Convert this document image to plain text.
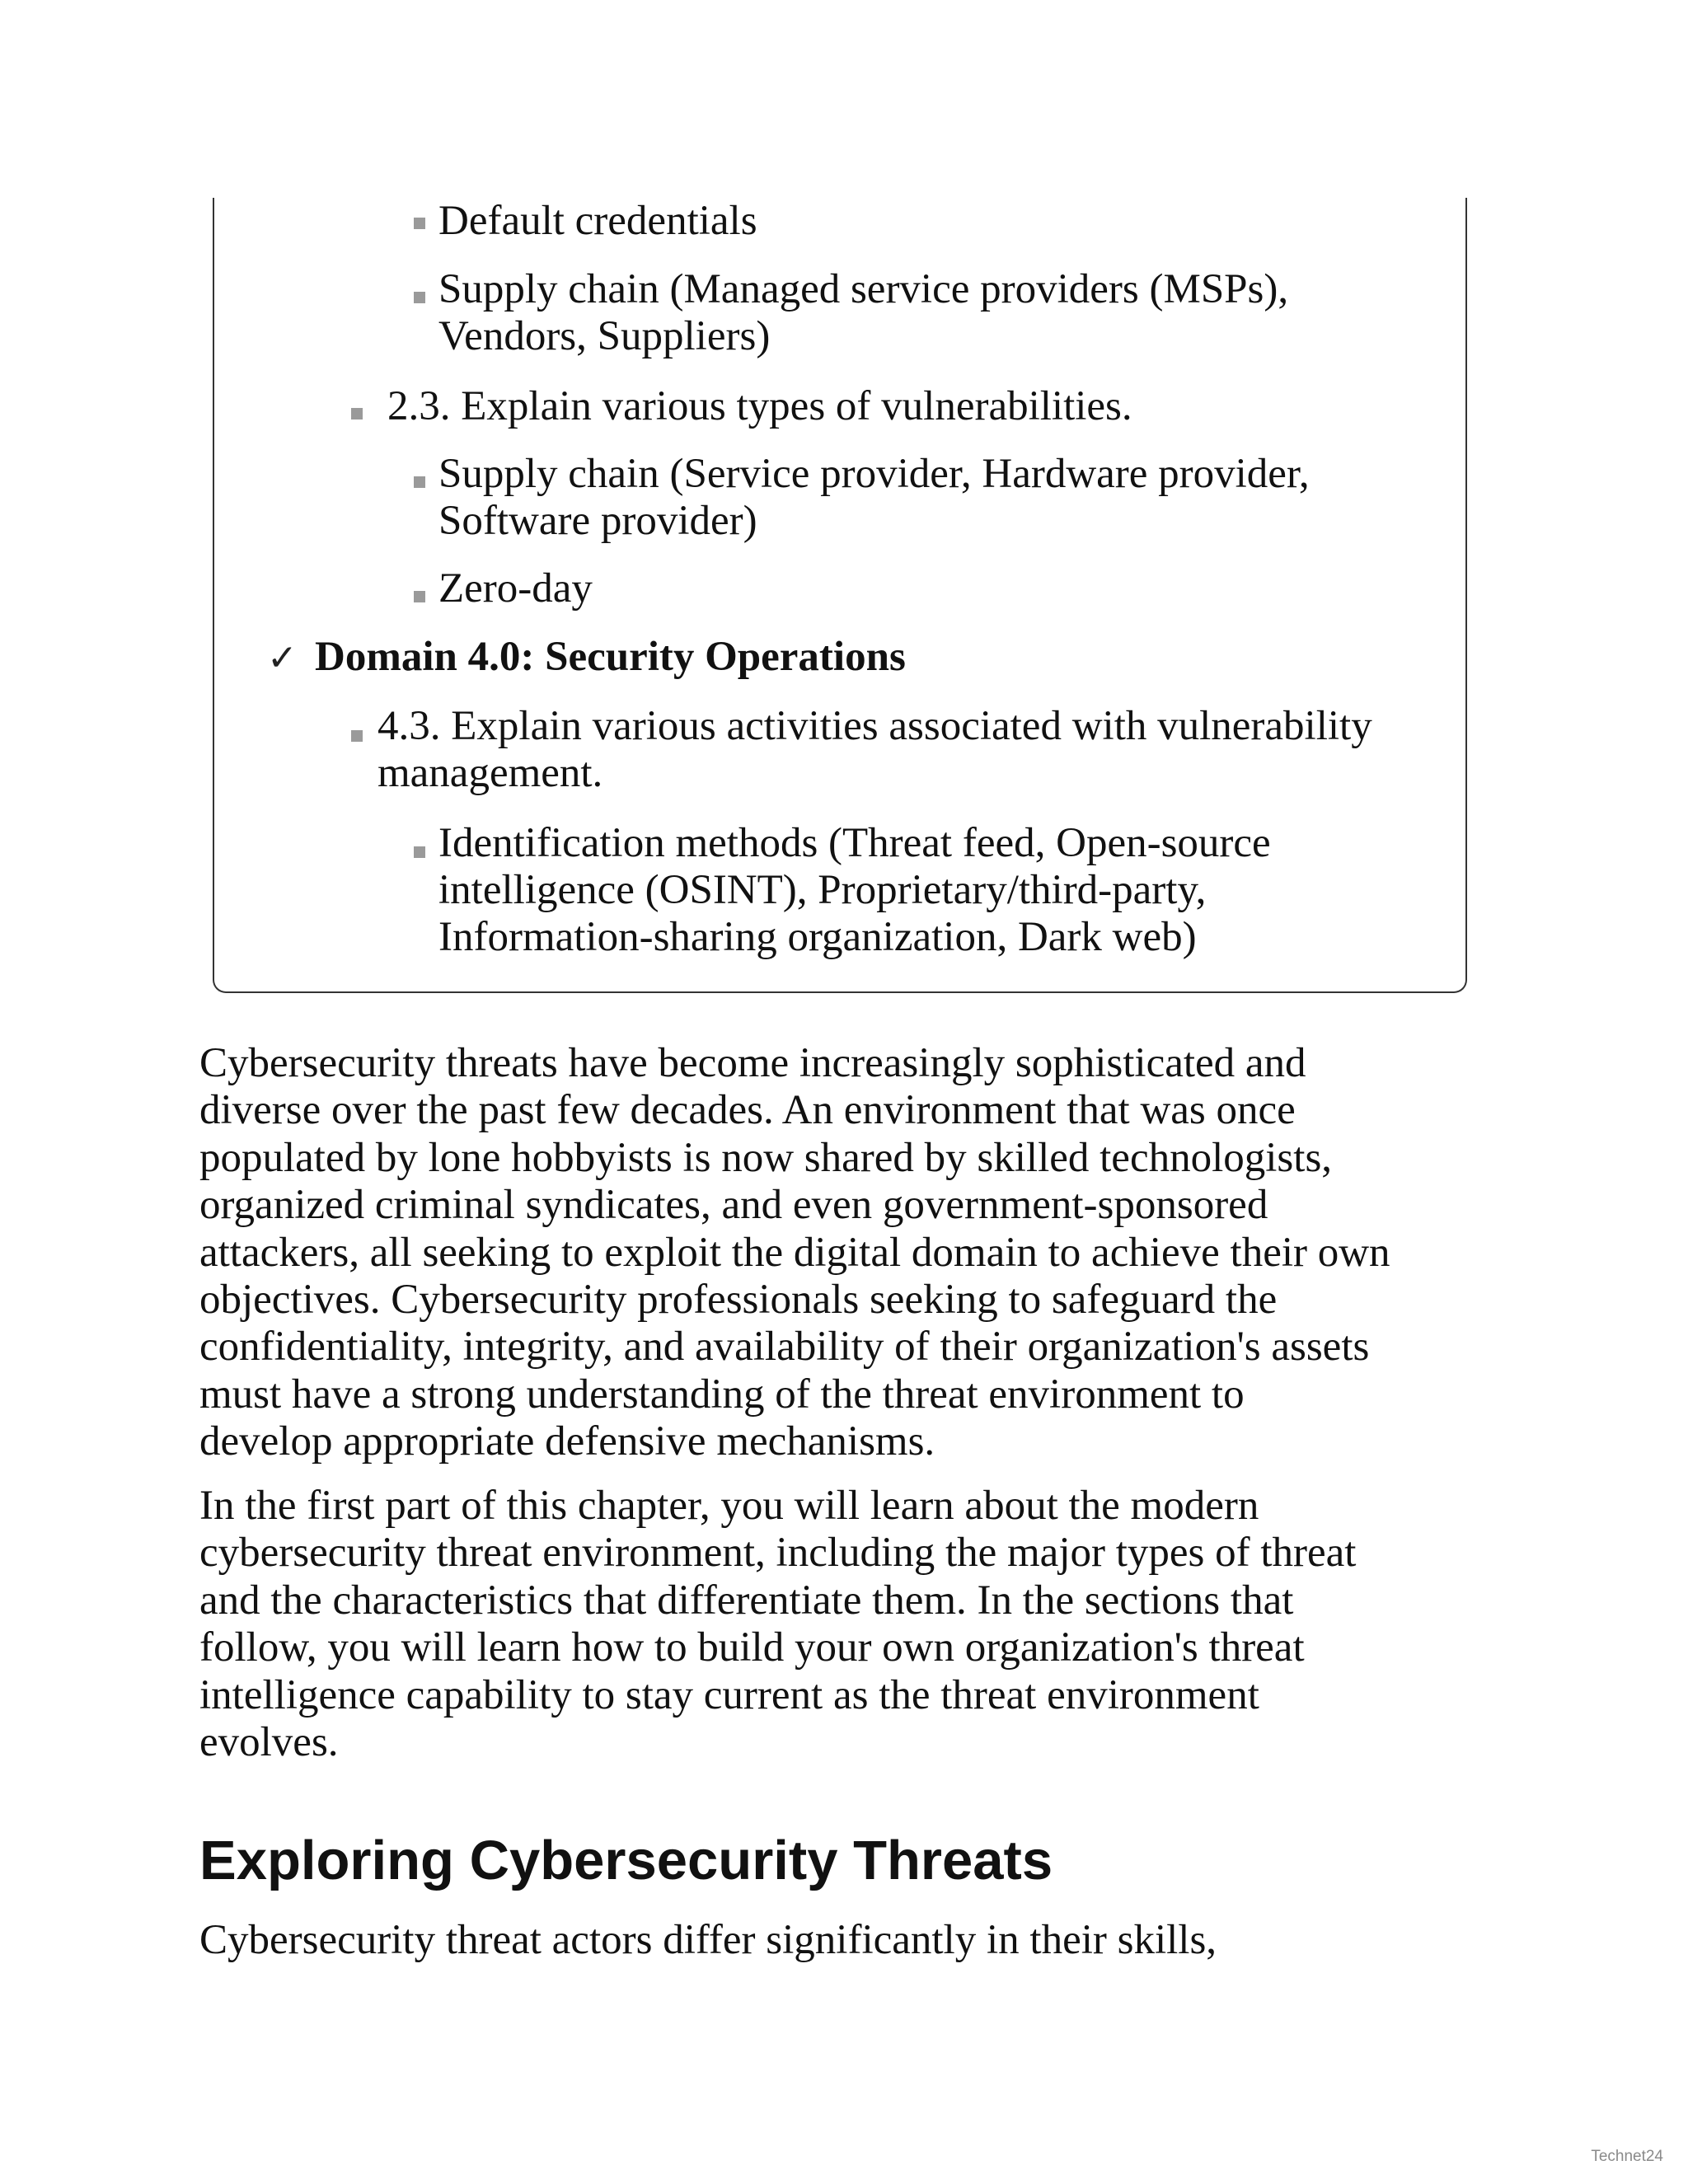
Default credentials
Supply chain (Managed service providers (MSPs),
Vendors, Suppliers)
2.3. Explain various types of vulnerabilities.
Supply chain (Service provider, Hardware provider,
Software provider)
Zero-day
✓ Domain 4.0: Security Operations
4.3. Explain various activities associated with vulnerability
management.
Identification methods (Threat feed, Open-source
intelligence (OSINT), Proprietary/third-party,
Information-sharing organization, Dark web)
Cybersecurity threats have become increasingly sophisticated and
diverse over the past few decades. An environment that was once
populated by lone hobbyists is now shared by skilled technologists,
organized criminal syndicates, and even government-sponsored
attackers, all seeking to exploit the digital domain to achieve their own
objectives. Cybersecurity professionals seeking to safeguard the
confidentiality, integrity, and availability of their organization's assets
must have a strong understanding of the threat environment to
develop appropriate defensive mechanisms.
In the first part of this chapter, you will learn about the modern
cybersecurity threat environment, including the major types of threat
and the characteristics that differentiate them. In the sections that
follow, you will learn how to build your own organization's threat
intelligence capability to stay current as the threat environment
evolves.
Exploring Cybersecurity Threats
Cybersecurity threat actors differ significantly in their skills,
Technet24
